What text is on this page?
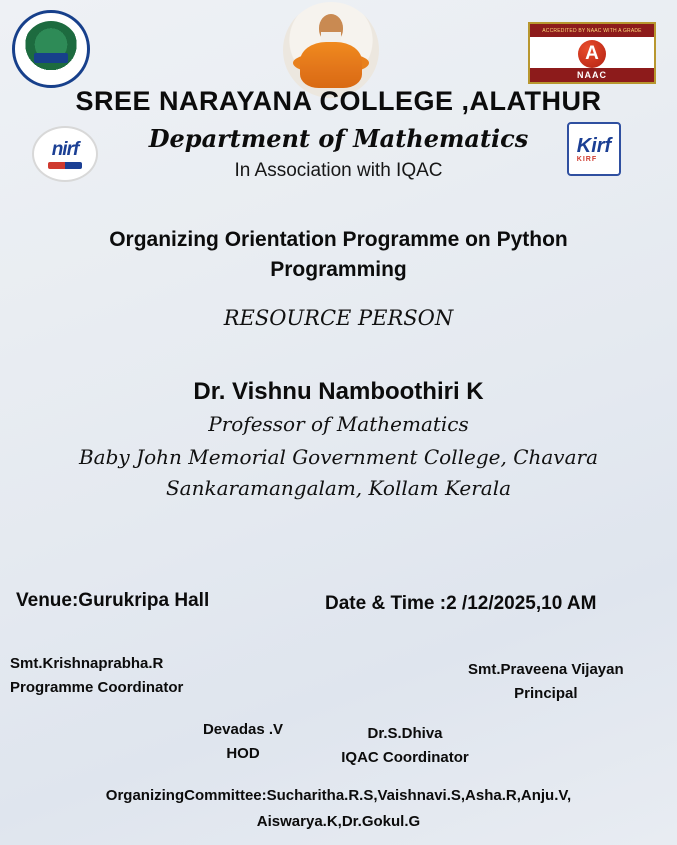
ACCREDITED BY NAAC WITH A GRADE
A
NAAC
nirf	Kirf
KIRF
SREE NARAYANA COLLEGE ,ALATHUR
Department of Mathematics
In Association with IQAC
Organizing Orientation Programme on Python Programming
RESOURCE PERSON
Dr. Vishnu Namboothiri K
Professor of Mathematics
Baby John Memorial Government College, Chavara
Sankaramangalam, Kollam Kerala
Venue:Gurukripa Hall	Date & Time :2 /12/2025,10 AM
Smt.Krishnaprabha.R
Programme Coordinator
Smt.Praveena Vijayan
Principal
Devadas .V
HOD
Dr.S.Dhiva
IQAC Coordinator
OrganizingCommittee:Sucharitha.R.S,Vaishnavi.S,Asha.R,Anju.V,
Aiswarya.K,Dr.Gokul.G
